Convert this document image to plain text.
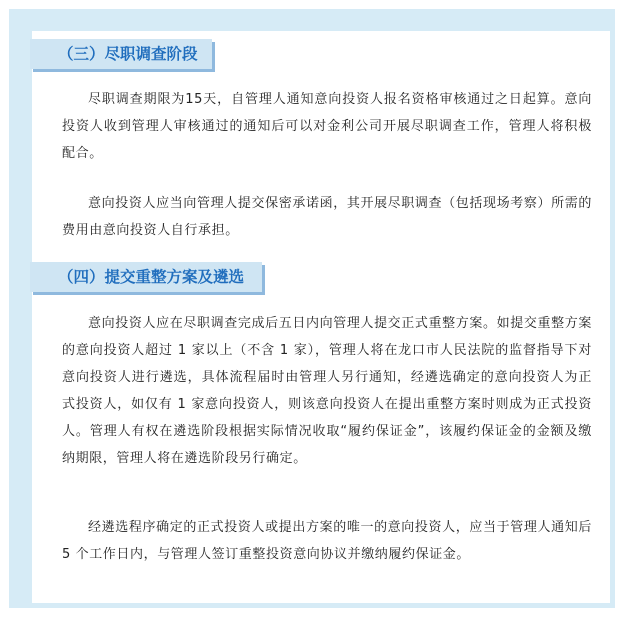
（三）尽职调查阶段
尽职调查期限为15天，自管理人通知意向投资人报名资格审核通过之日起算。意向投资人收到管理人审核通过的通知后可以对金利公司开展尽职调查工作，管理人将积极配合。
意向投资人应当向管理人提交保密承诺函，其开展尽职调查（包括现场考察）所需的费用由意向投资人自行承担。
（四）提交重整方案及遴选
意向投资人应在尽职调查完成后五日内向管理人提交正式重整方案。如提交重整方案的意向投资人超过 1 家以上（不含 1 家），管理人将在龙口市人民法院的监督指导下对意向投资人进行遴选，具体流程届时由管理人另行通知，经遴选确定的意向投资人为正式投资人，如仅有 1 家意向投资人，则该意向投资人在提出重整方案时则成为正式投资人。管理人有权在遴选阶段根据实际情况收取“履约保证金”，该履约保证金的金额及缴纳期限，管理人将在遴选阶段另行确定。
经遴选程序确定的正式投资人或提出方案的唯一的意向投资人，应当于管理人通知后 5 个工作日内，与管理人签订重整投资意向协议并缴纳履约保证金。
